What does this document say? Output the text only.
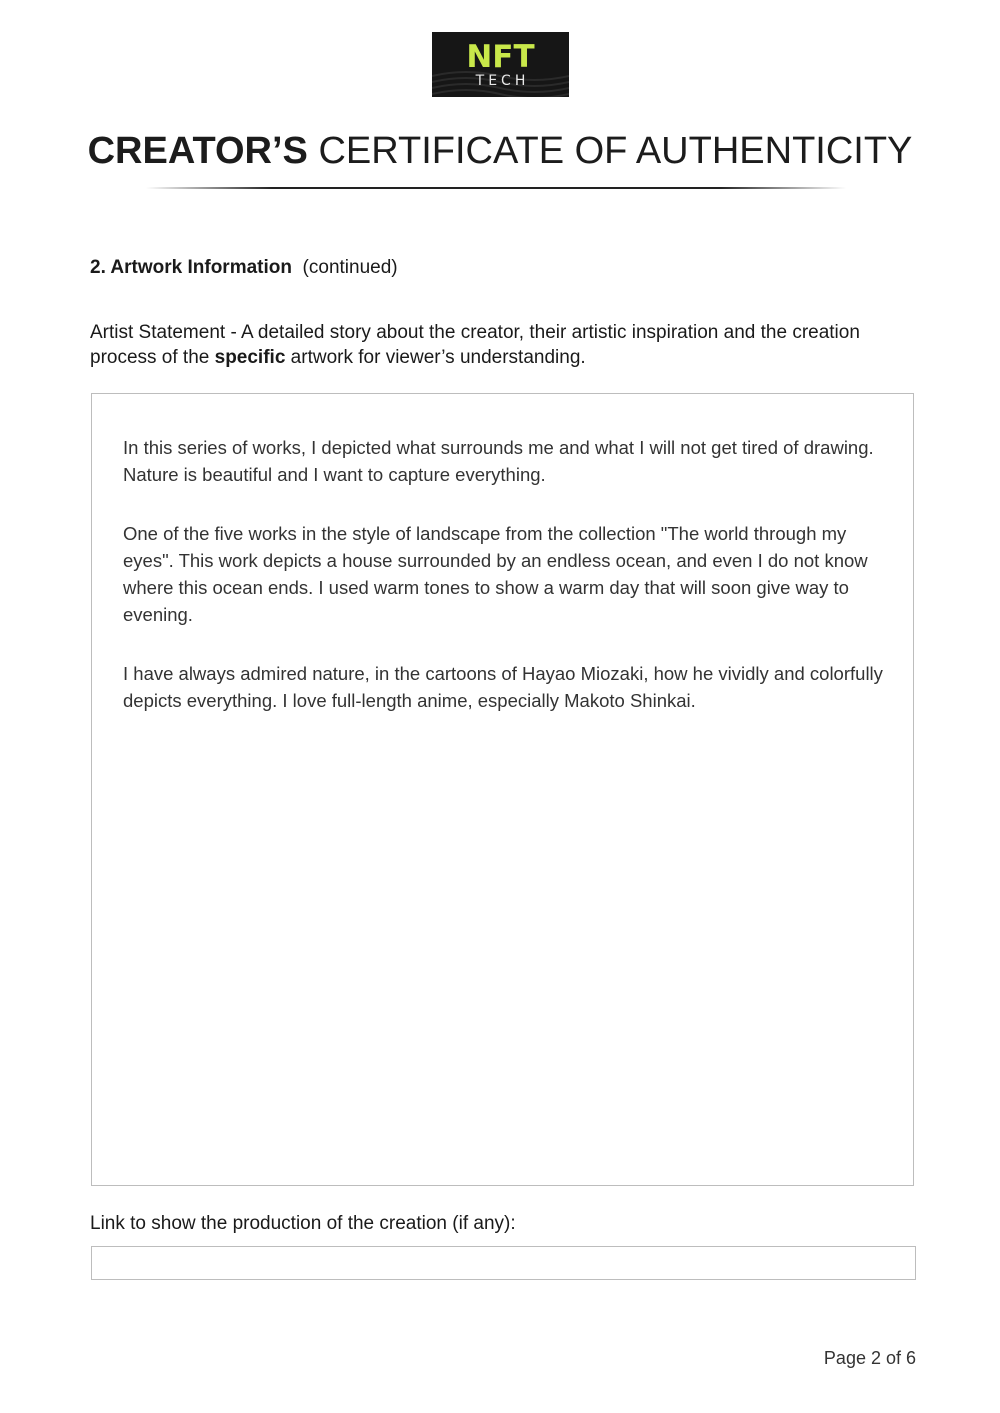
NFT
TECH
CREATOR’S CERTIFICATE OF AUTHENTICITY
2. Artwork Information (continued)
Artist Statement - A detailed story about the creator, their artistic inspiration and the creation process of the specific artwork for viewer’s understanding.

In this series of works, I depicted what surrounds me and what I will not get tired of drawing. Nature is beautiful and I want to capture everything.

One of the five works in the style of landscape from the collection "The world through my eyes". This work depicts a house surrounded by an endless ocean, and even I do not know where this ocean ends. I used warm tones to show a warm day that will soon give way to evening.

I have always admired nature, in the cartoons of Hayao Miozaki, how he vividly and colorfully depicts everything. I love full-length anime, especially Makoto Shinkai.

Link to show the production of the creation (if any):
Page 2 of 6
